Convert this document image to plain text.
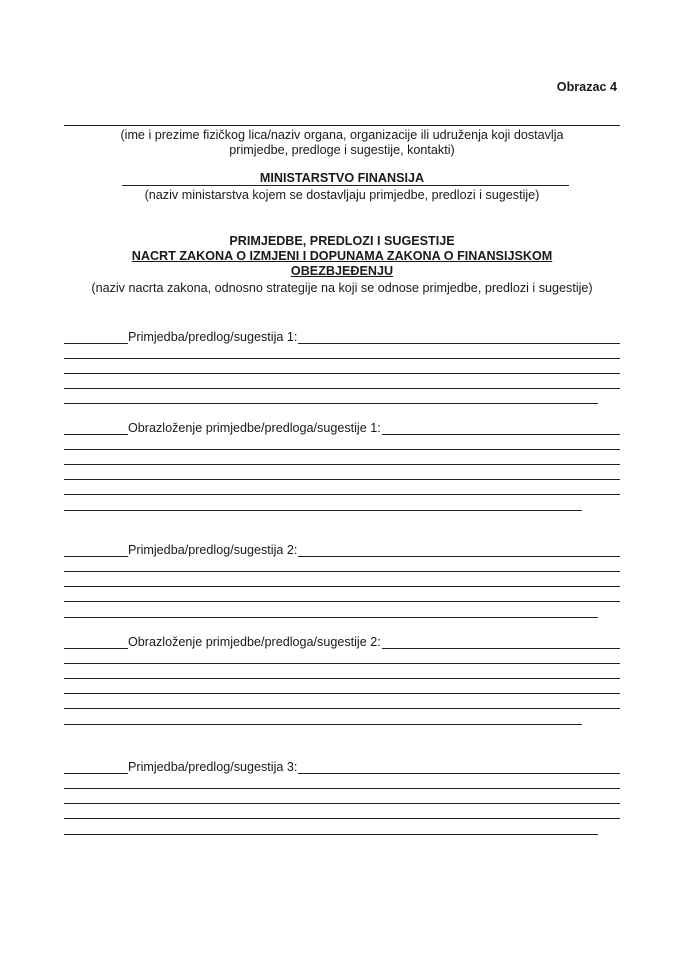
Obrazac 4
(ime i prezime fizičkog lica/naziv organa, organizacije ili udruženja koji dostavlja primjedbe, predloge i sugestije, kontakti)
MINISTARSTVO FINANSIJA
(naziv ministarstva kojem se dostavljaju primjedbe, predlozi i sugestije)
PRIMJEDBE, PREDLOZI I SUGESTIJE
NACRT ZAKONA O IZMJENI I DOPUNAMA ZAKONA O FINANSIJSKOM OBEZBJEĐENJU
(naziv nacrta zakona, odnosno strategije na koji se odnose primjedbe, predlozi i sugestije)
Primjedba/predlog/sugestija 1:
Obrazloženje primjedbe/predloga/sugestije 1:
Primjedba/predlog/sugestija 2:
Obrazloženje primjedbe/predloga/sugestije 2:
Primjedba/predlog/sugestija 3:
